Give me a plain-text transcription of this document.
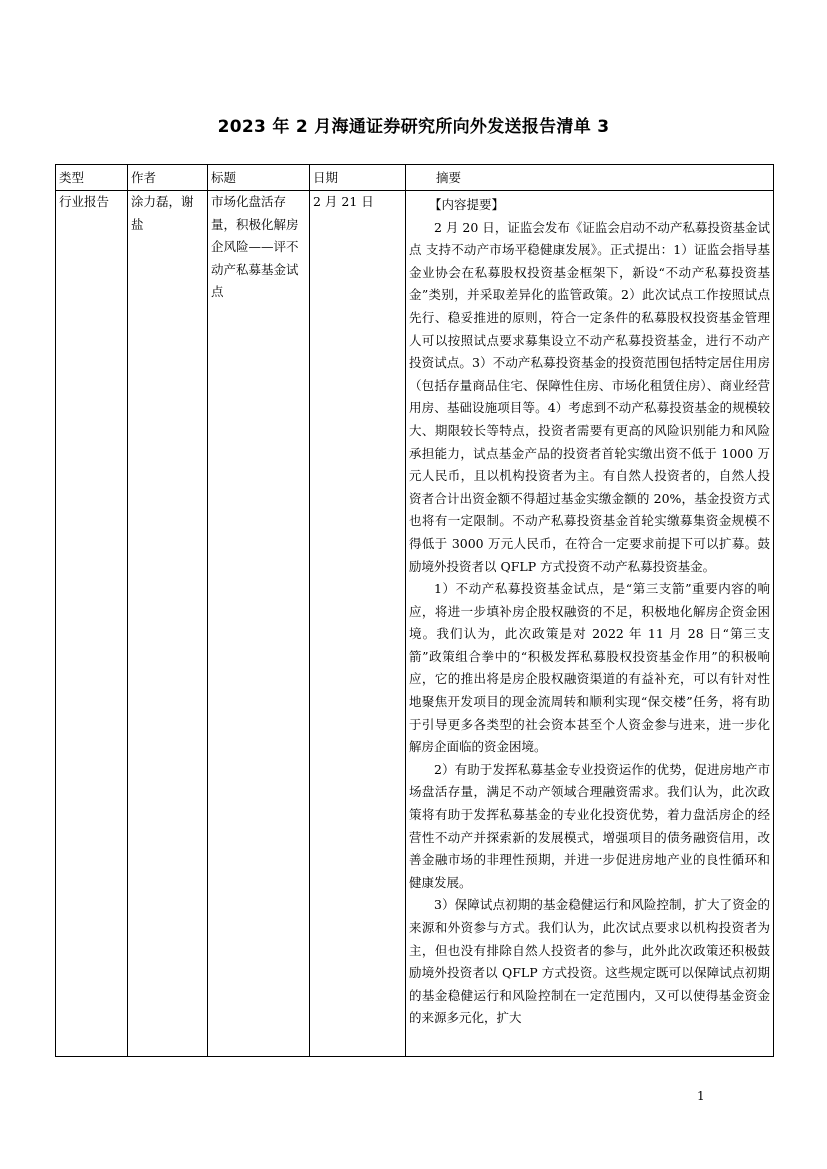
2023 年 2 月海通证券研究所向外发送报告清单 3
类型	作者	标题	日期	摘要
行业报告	涂力磊，谢盐	市场化盘活存量，积极化解房企风险——评不动产私募基金试点	2 月 21 日	【内容提要】

2 月 20 日，证监会发布《证监会启动不动产私募投资基金试点 支持不动产市场平稳健康发展》。正式提出：1）证监会指导基金业协会在私募股权投资基金框架下，新设“不动产私募投资基金”类别，并采取差异化的监管政策。2）此次试点工作按照试点先行、稳妥推进的原则，符合一定条件的私募股权投资基金管理人可以按照试点要求募集设立不动产私募投资基金，进行不动产投资试点。3）不动产私募投资基金的投资范围包括特定居住用房（包括存量商品住宅、保障性住房、市场化租赁住房）、商业经营用房、基础设施项目等。4）考虑到不动产私募投资基金的规模较大、期限较长等特点，投资者需要有更高的风险识别能力和风险承担能力，试点基金产品的投资者首轮实缴出资不低于 1000 万元人民币，且以机构投资者为主。有自然人投资者的，自然人投资者合计出资金额不得超过基金实缴金额的 20%，基金投资方式也将有一定限制。不动产私募投资基金首轮实缴募集资金规模不得低于 3000 万元人民币，在符合一定要求前提下可以扩募。鼓励境外投资者以 QFLP 方式投资不动产私募投资基金。

1）不动产私募投资基金试点，是“第三支箭”重要内容的响应，将进一步填补房企股权融资的不足，积极地化解房企资金困境。我们认为，此次政策是对 2022 年 11 月 28 日“第三支箭”政策组合拳中的“积极发挥私募股权投资基金作用”的积极响应，它的推出将是房企股权融资渠道的有益补充，可以有针对性地聚焦开发项目的现金流周转和顺利实现“保交楼”任务，将有助于引导更多各类型的社会资本甚至个人资金参与进来，进一步化解房企面临的资金困境。

2）有助于发挥私募基金专业投资运作的优势，促进房地产市场盘活存量，满足不动产领域合理融资需求。我们认为，此次政策将有助于发挥私募基金的专业化投资优势，着力盘活房企的经营性不动产并探索新的发展模式，增强项目的债务融资信用，改善金融市场的非理性预期，并进一步促进房地产业的良性循环和健康发展。

3）保障试点初期的基金稳健运行和风险控制，扩大了资金的来源和外资参与方式。我们认为，此次试点要求以机构投资者为主，但也没有排除自然人投资者的参与，此外此次政策还积极鼓励境外投资者以 QFLP 方式投资。这些规定既可以保障试点初期的基金稳健运行和风险控制在一定范围内，又可以使得基金资金的来源多元化，扩大

1
